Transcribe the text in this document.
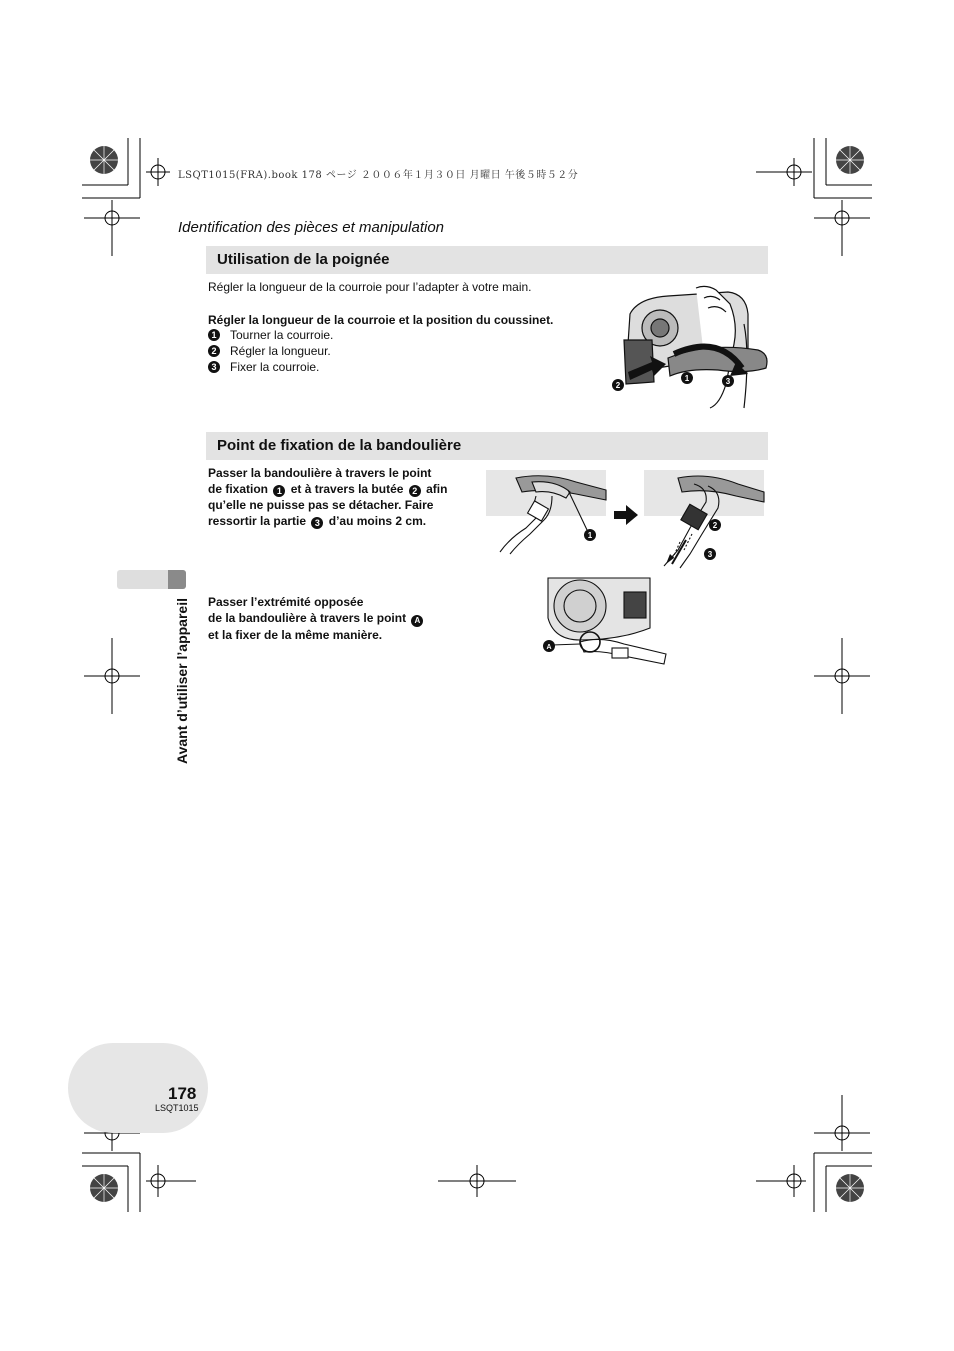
LSQT1015(FRA).book 178 ページ ２００６年１月３０日 月曜日 午後５時５２分
Identification des pièces et manipulation
Utilisation de la poignée
Régler la longueur de la courroie pour l’adapter à votre main.
Régler la longueur de la courroie et la position du coussinet.
1 Tourner la courroie.
2 Régler la longueur.
3 Fixer la courroie.
2
1	3
Point de fixation de la bandoulière
Passer la bandoulière à travers le point
de fixation 1 et à travers la butée 2 afin
qu’elle ne puisse pas se détacher. Faire
ressortir la partie 3 d’au moins 2 cm.
1
2
3
Passer l’extrémité opposée
de la bandoulière à travers le point A
et la fixer de la même manière.
A
Avant d’utiliser l’appareil
178
LSQT1015
